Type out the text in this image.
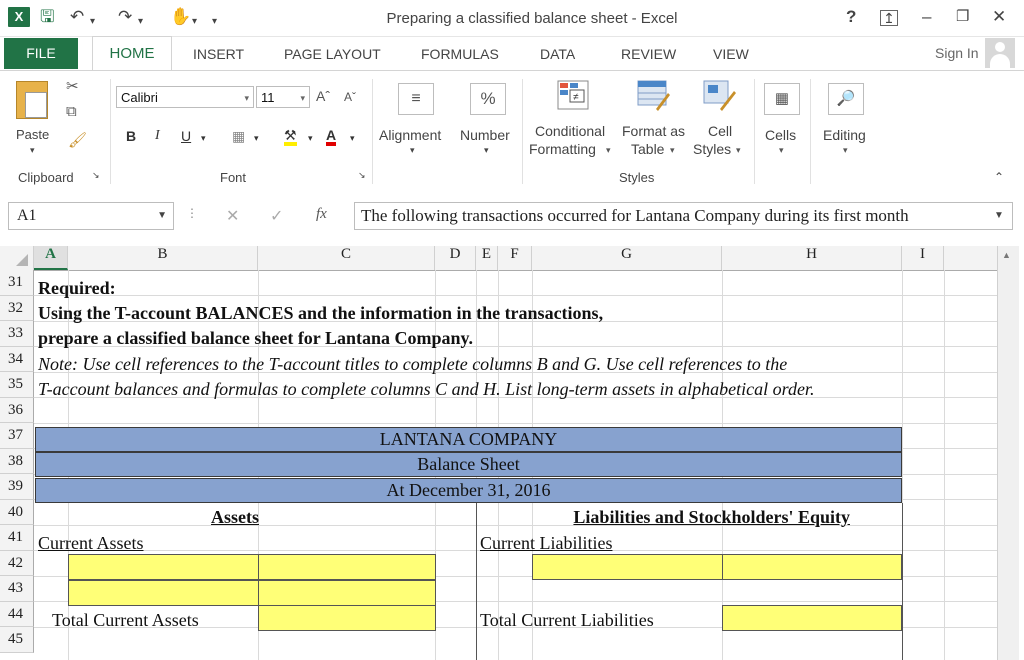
X 🖫 ↶ ▾ ↷ ▾ ✋ ▾ ▾	Preparing a classified balance sheet - Excel	? ↥ – ❐ ✕
FILE	HOME	INSERT	PAGE LAYOUT	FORMULAS	DATA	REVIEW	VIEW	Sign In
Paste
▾
✂
⧉
🖌
Clipboard ↘
Calibri	▾ 11	▾ Aˆ Aˇ
B I U ▾ ▦ ▾ ⚒ ▾ A ▾
Font	↘
≡
Alignment
▾
%
Number
▾
≠
Conditional
Formatting ▾
Format as
Table ▾
Cell
Styles ▾
Styles
▦
Cells
▾
🔎
Editing
▾
⌃
A1	▼ ⋮ ✕ ✓ fx	The following transactions occurred for Lantana Company during its first month	▼
A	B	C	D	E	F	G	H	I
31
32
33
34
35
36
37
38
39
40
41
42
43
44
45
▲
Required:
Using the T-account BALANCES and the information in the transactions,
prepare a classified balance sheet for Lantana Company.
Note: Use cell references to the T-account titles to complete columns B and G. Use cell references to the
T-account balances and formulas to complete columns C and H. List long-term assets in alphabetical order.
LANTANA COMPANY
Balance Sheet
At December 31, 2016
Assets	Liabilities and Stockholders' Equity
Current Assets	Current Liabilities
Total Current Assets	Total Current Liabilities
